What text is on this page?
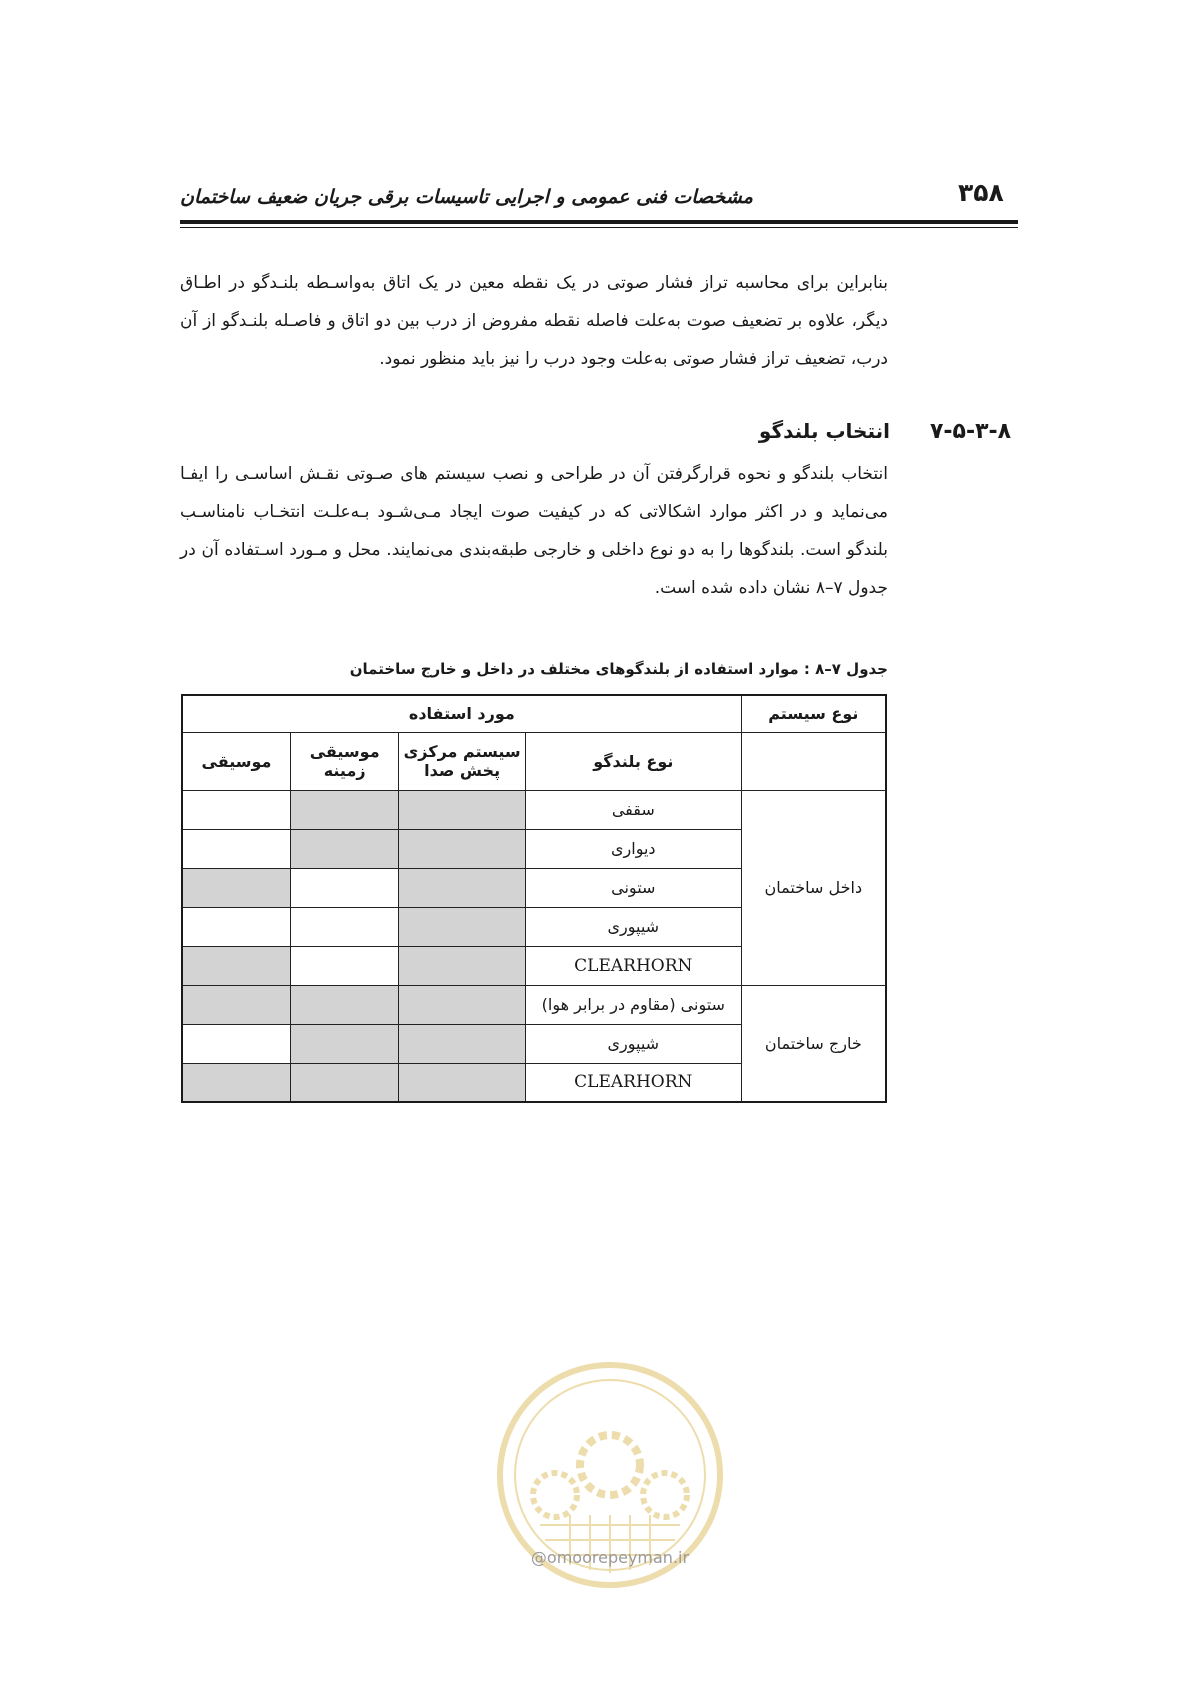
۳۵۸
مشخصات فنی عمومی و اجرایی تاسیسات برقی جریان ضعیف ساختمان
بنابراین برای محاسبه تراز فشار صوتی در یک نقطه معین در یک اتاق به‌واسـطه بلنـدگو در اطـاق دیگر، علاوه بر تضعیف صوت به‌علت فاصله نقطه مفروض از درب بین دو اتاق و فاصـله بلنـدگو از آن درب، تضعیف تراز فشار صوتی به‌علت وجود درب را نیز باید منظور نمود.
۷-۵-۳-۸
انتخاب بلندگو
انتخاب بلندگو و نحوه قرارگرفتن آن در طراحی و نصب سیستم های صـوتی نقـش اساسـی را ایفـا می‌نماید و در اکثر موارد اشکالاتی که در کیفیت صوت ایجاد مـی‌شـود بـه‌علـت انتخـاب نامناسـب بلندگو است. بلندگوها را به دو نوع داخلی و خارجی طبقه‌بندی می‌نمایند. محل و مـورد اسـتفاده آن در جدول ۷–۸ نشان داده شده است.
جدول ۷–۸ : موارد استفاده از بلندگوهای مختلف در داخل و خارج ساختمان
نوع سیستم	مورد استفاده			
	نوع بلندگو	سیستم مرکزی پخش صدا	موسیقی زمینه	موسیقی
داخل ساختمان	سقفی			
	دیواری			
	ستونی			
	شیپوری			
	CLEARHORN			
خارج ساختمان	ستونی (مقاوم در برابر هوا)			
	شیپوری			
	CLEARHORN			
@omoorepeyman.ir
